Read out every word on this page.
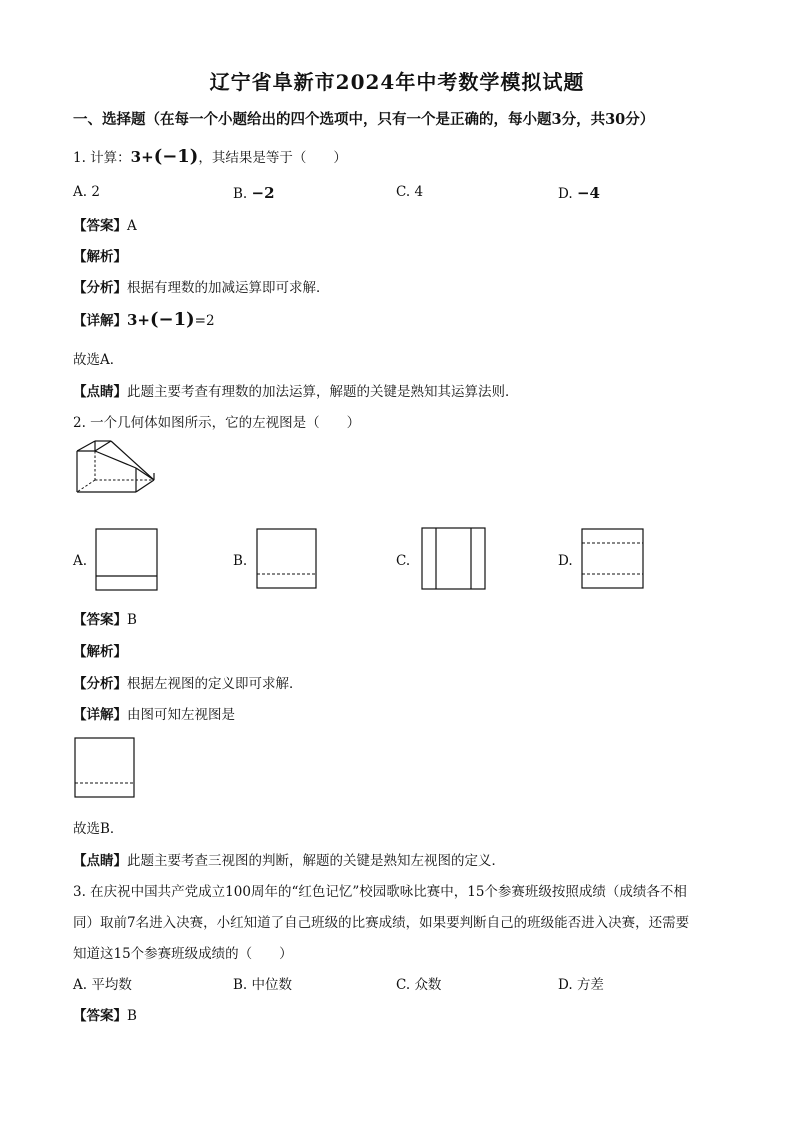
辽宁省阜新市2024年中考数学模拟试题
一、选择题（在每一个小题给出的四个选项中，只有一个是正确的，每小题3分，共30分）
1. 计算：3+(−1)，其结果是等于（　　）
A. 2	B. −2	C. 4	D. −4
【答案】A
【解析】
【分析】根据有理数的加减运算即可求解．
【详解】3+(−1)=2
故选A．
【点睛】此题主要考查有理数的加法运算，解题的关键是熟知其运算法则．
2. 一个几何体如图所示，它的左视图是（　　）
A.	B.	C.	D.
【答案】B
【解析】
【分析】根据左视图的定义即可求解．
【详解】由图可知左视图是
故选B．
【点睛】此题主要考查三视图的判断，解题的关键是熟知左视图的定义．
3. 在庆祝中国共产党成立100周年的“红色记忆”校园歌咏比赛中，15个参赛班级按照成绩（成绩各不相
同）取前7名进入决赛，小红知道了自己班级的比赛成绩，如果要判断自己的班级能否进入决赛，还需要
知道这15个参赛班级成绩的（　　）
A. 平均数	B. 中位数	C. 众数	D. 方差
【答案】B
